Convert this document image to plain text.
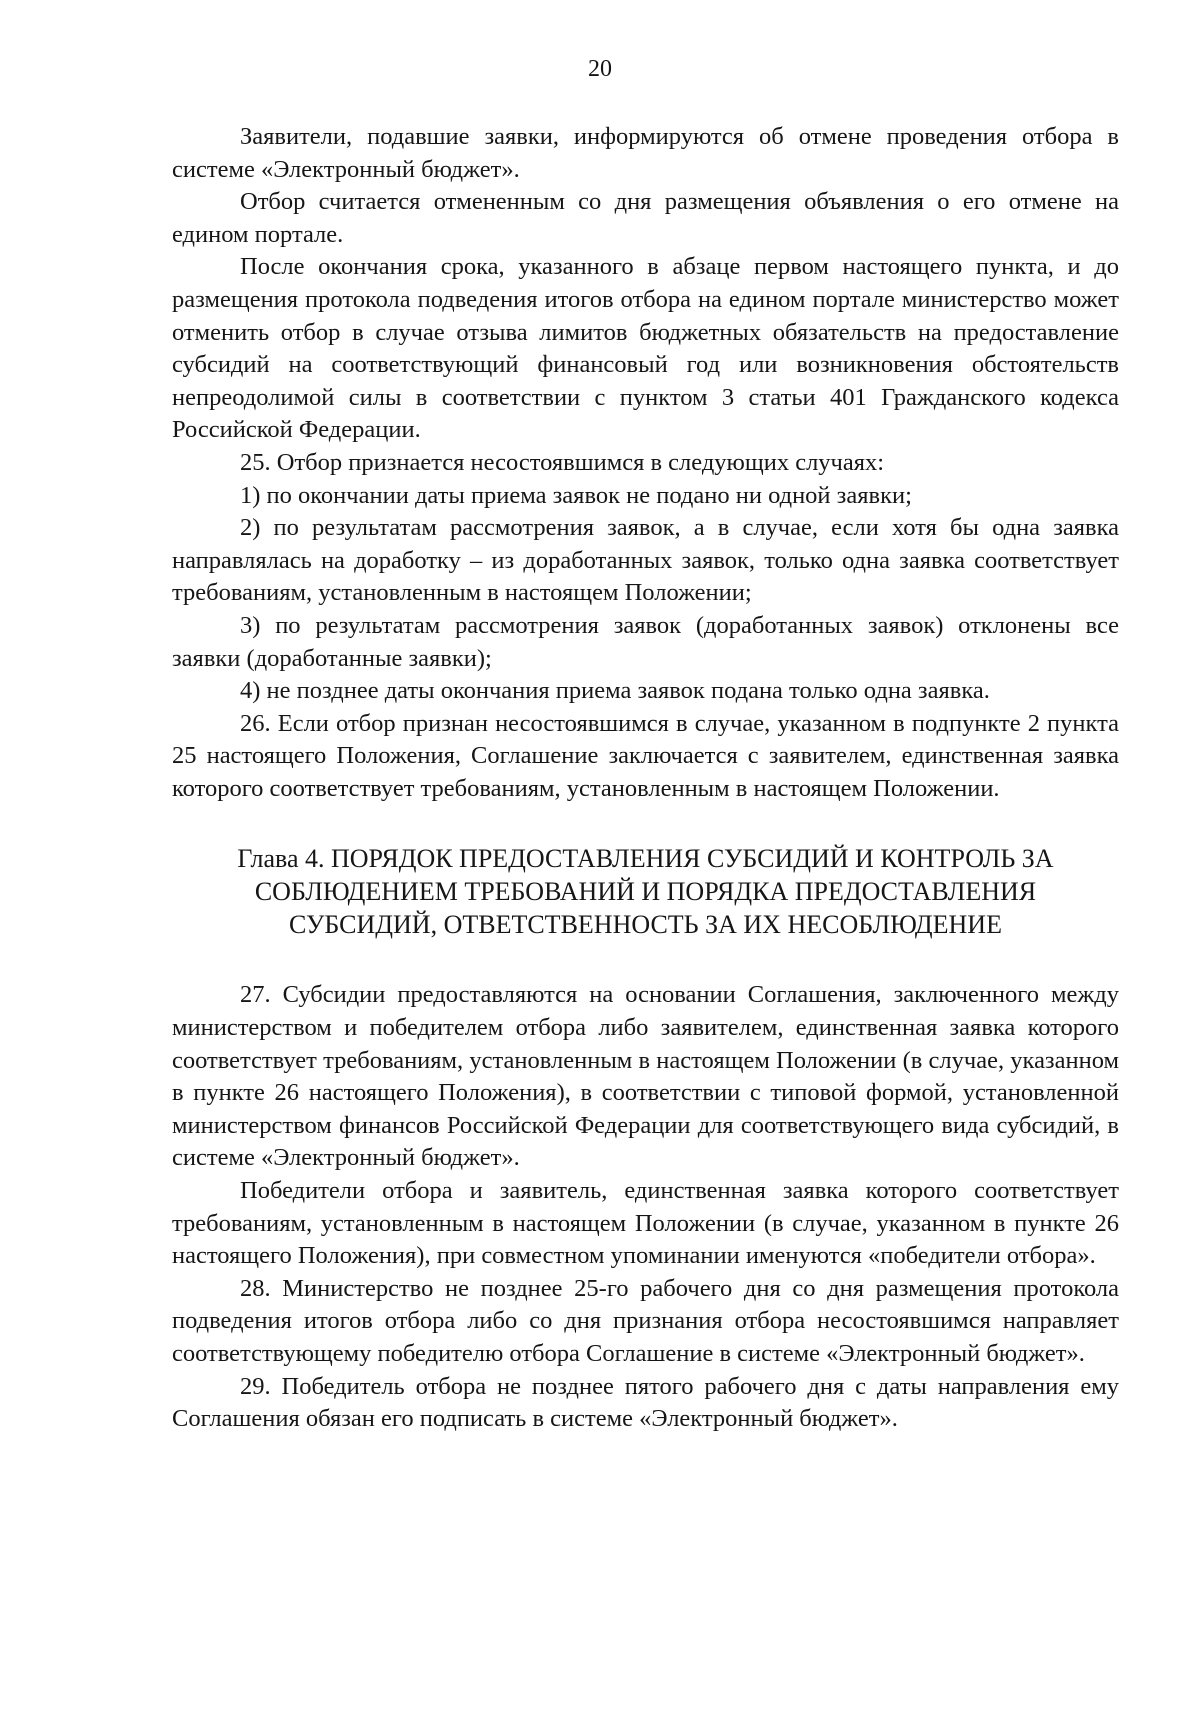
20

Заявители, подавшие заявки, информируются об отмене проведения отбора в системе «Электронный бюджет».

Отбор считается отмененным со дня размещения объявления о его отмене на едином портале.

После окончания срока, указанного в абзаце первом настоящего пункта, и до размещения протокола подведения итогов отбора на едином портале министерство может отменить отбор в случае отзыва лимитов бюджетных обязательств на предоставление субсидий на соответствующий финансовый год или возникновения обстоятельств непреодолимой силы в соответствии с пунктом 3 статьи 401 Гражданского кодекса Российской Федерации.

25. Отбор признается несостоявшимся в следующих случаях:

1) по окончании даты приема заявок не подано ни одной заявки;

2) по результатам рассмотрения заявок, а в случае, если хотя бы одна заявка направлялась на доработку – из доработанных заявок, только одна заявка соответствует требованиям, установленным в настоящем Положении;

3) по результатам рассмотрения заявок (доработанных заявок) отклонены все заявки (доработанные заявки);

4) не позднее даты окончания приема заявок подана только одна заявка.

26. Если отбор признан несостоявшимся в случае, указанном в подпункте 2 пункта 25 настоящего Положения, Соглашение заключается с заявителем, единственная заявка которого соответствует требованиям, установленным в настоящем Положении.

Глава 4. ПОРЯДОК ПРЕДОСТАВЛЕНИЯ СУБСИДИЙ И КОНТРОЛЬ ЗА
СОБЛЮДЕНИЕМ ТРЕБОВАНИЙ И ПОРЯДКА ПРЕДОСТАВЛЕНИЯ
СУБСИДИЙ, ОТВЕТСТВЕННОСТЬ ЗА ИХ НЕСОБЛЮДЕНИЕ

27. Субсидии предоставляются на основании Соглашения, заключенного между министерством и победителем отбора либо заявителем, единственная заявка которого соответствует требованиям, установленным в настоящем Положении (в случае, указанном в пункте 26 настоящего Положения), в соответствии с типовой формой, установленной министерством финансов Российской Федерации для соответствующего вида субсидий, в системе «Электронный бюджет».

Победители отбора и заявитель, единственная заявка которого соответствует требованиям, установленным в настоящем Положении (в случае, указанном в пункте 26 настоящего Положения), при совместном упоминании именуются «победители отбора».

28. Министерство не позднее 25-го рабочего дня со дня размещения протокола подведения итогов отбора либо со дня признания отбора несостоявшимся направляет соответствующему победителю отбора Соглашение в системе «Электронный бюджет».

29. Победитель отбора не позднее пятого рабочего дня с даты направления ему Соглашения обязан его подписать в системе «Электронный бюджет».
